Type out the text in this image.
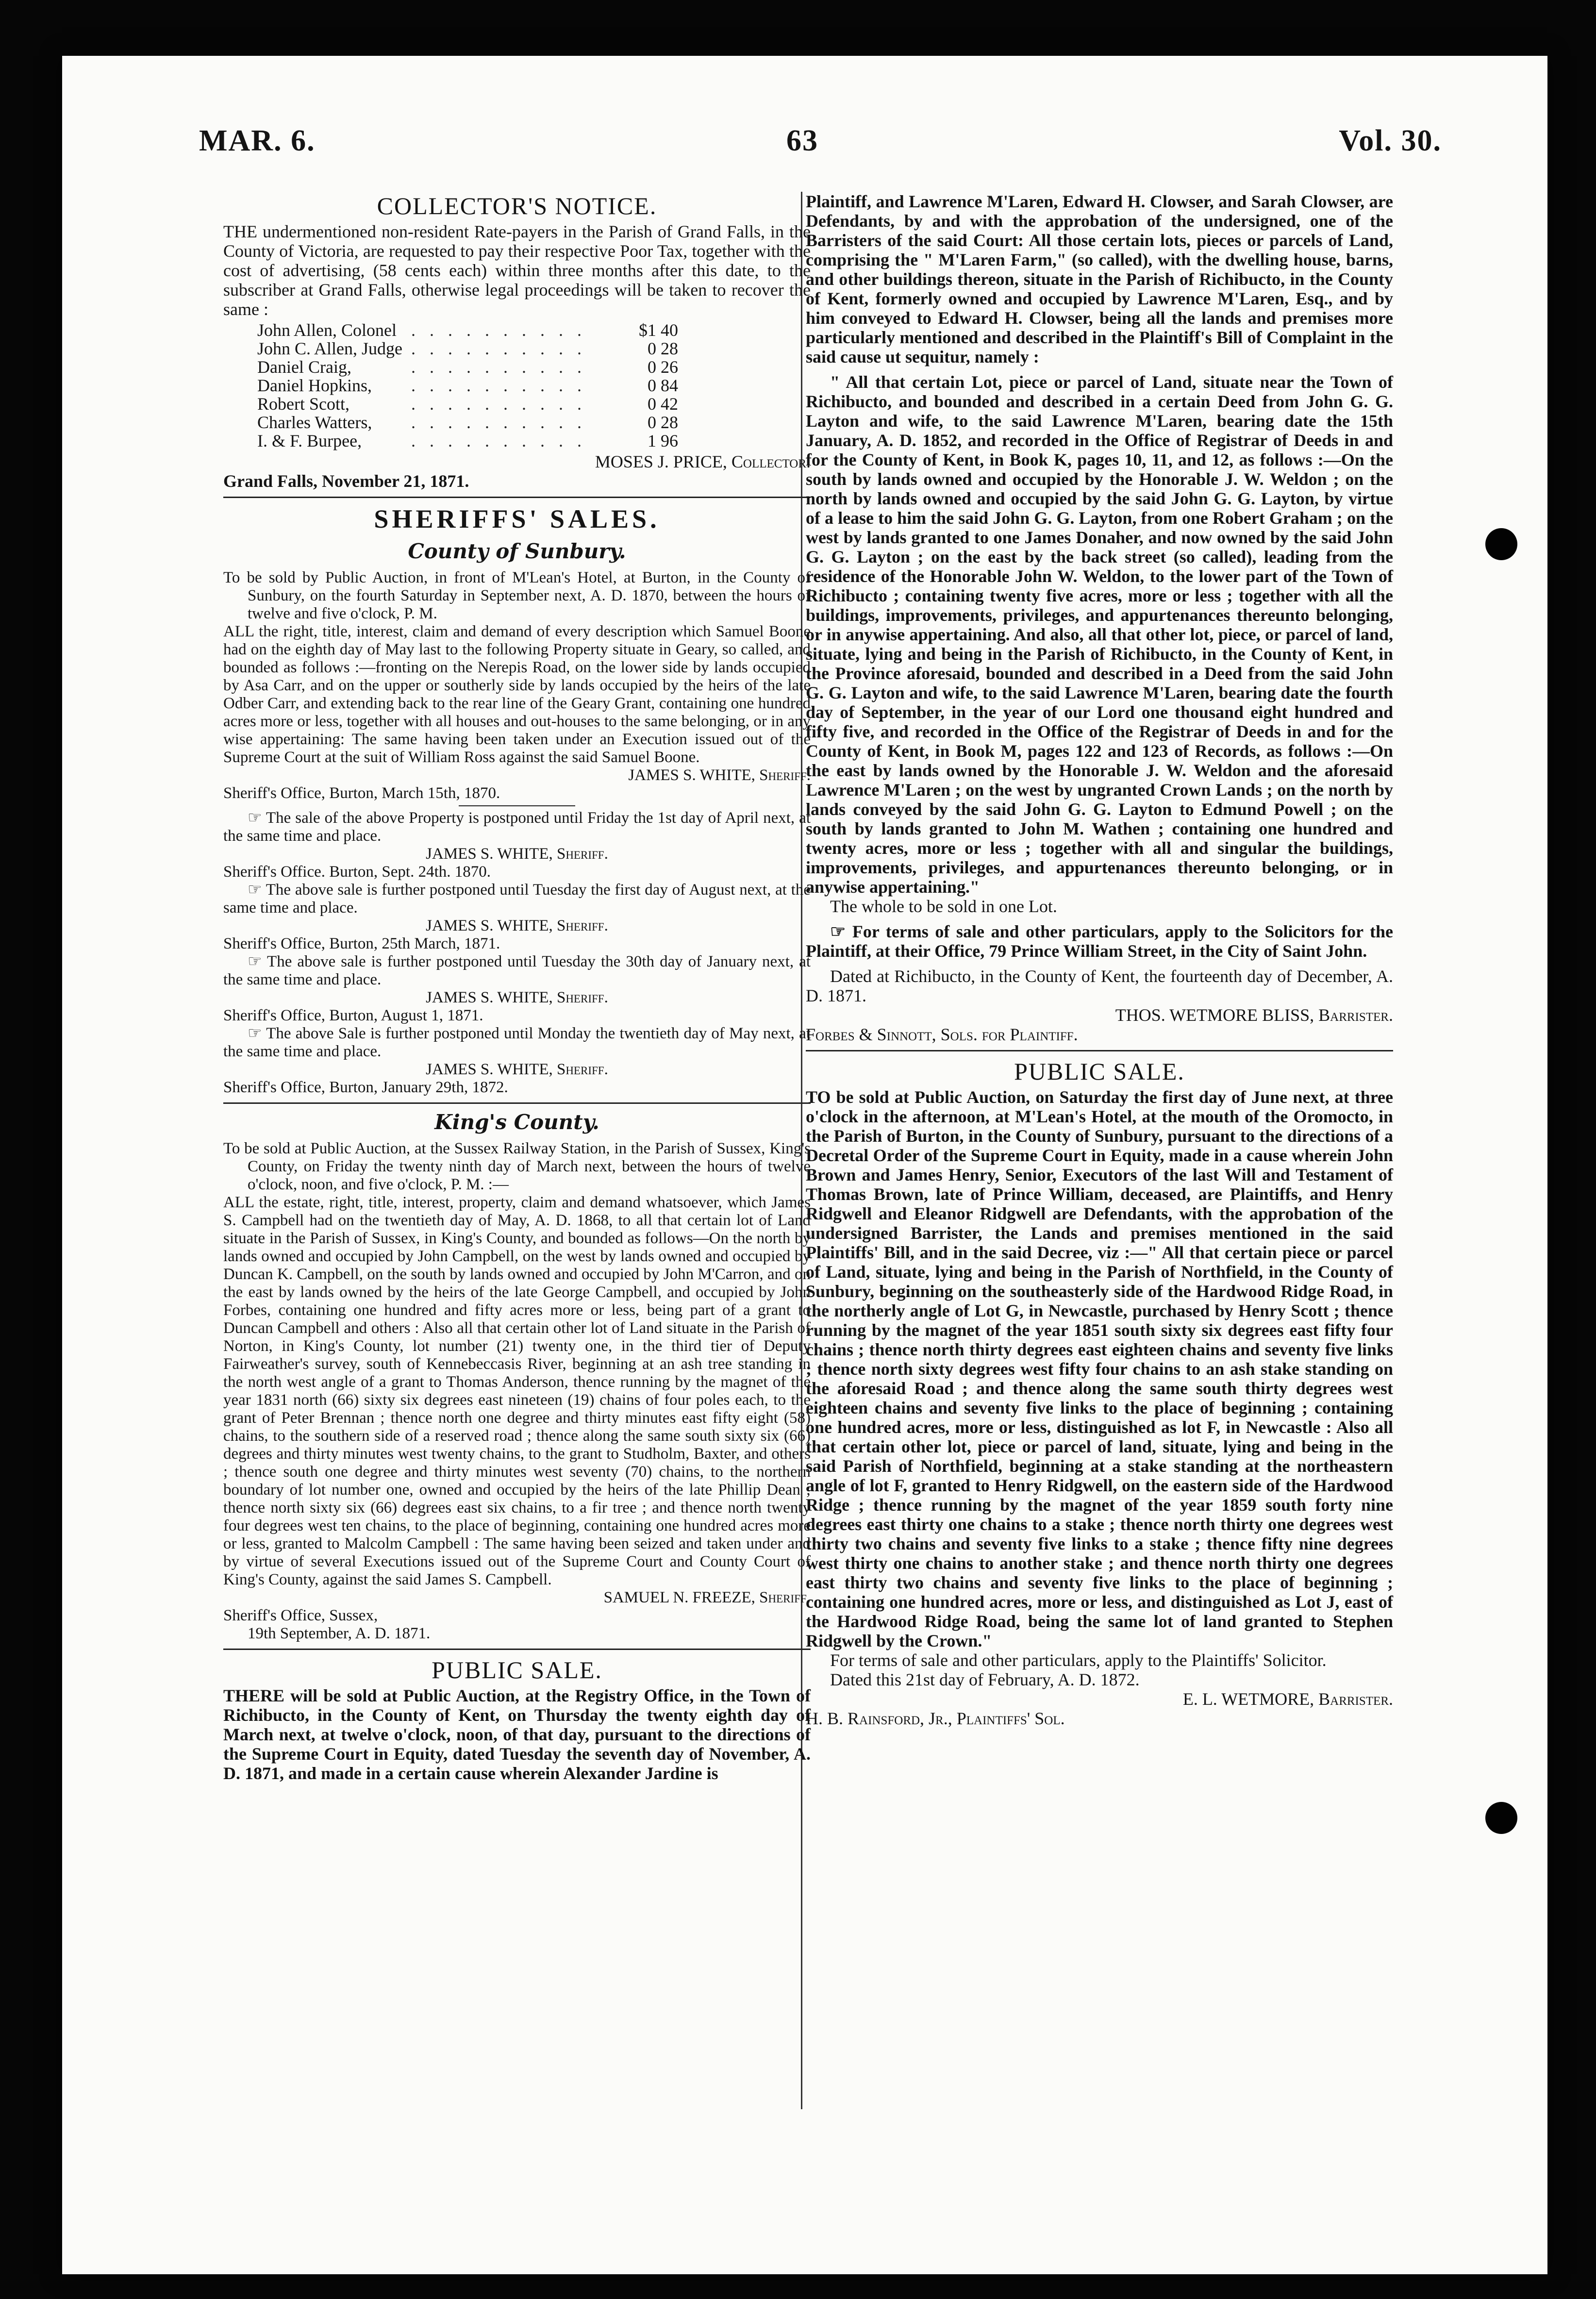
MAR. 6.	63	Vol. 30.
COLLECTOR'S NOTICE.

THE undermentioned non-resident Rate-payers in the Parish of Grand Falls, in the County of Victoria, are requested to pay their respective Poor Tax, together with the cost of advertising, (58 cents each) within three months after this date, to the subscriber at Grand Falls, otherwise legal proceedings will be taken to recover the same :

John Allen, Colonel	. . . . . . . . . .	$1 40
John C. Allen, Judge	. . . . . . . . . .	0 28
Daniel Craig,	. . . . . . . . . .	0 26
Daniel Hopkins,	. . . . . . . . . .	0 84
Robert Scott,	. . . . . . . . . .	0 42
Charles Watters,	. . . . . . . . . .	0 28
I. & F. Burpee,	. . . . . . . . . .	1 96

MOSES J. PRICE, Collector.

Grand Falls, November 21, 1871.

SHERIFFS' SALES.
County of Sunbury.

To be sold by Public Auction, in front of M'Lean's Hotel, at Burton, in the County of Sunbury, on the fourth Saturday in September next, A. D. 1870, between the hours of twelve and five o'clock, P. M.

ALL the right, title, interest, claim and demand of every description which Samuel Boone had on the eighth day of May last to the following Property situate in Geary, so called, and bounded as follows :—fronting on the Nerepis Road, on the lower side by lands occupied by Asa Carr, and on the upper or southerly side by lands occupied by the heirs of the late Odber Carr, and extending back to the rear line of the Geary Grant, containing one hundred acres more or less, together with all houses and out-houses to the same belonging, or in any wise appertaining: The same having been taken under an Execution issued out of the Supreme Court at the suit of William Ross against the said Samuel Boone.

JAMES S. WHITE, Sheriff.

Sheriff's Office, Burton, March 15th, 1870.

☞ The sale of the above Property is postponed until Friday the 1st day of April next, at the same time and place.

JAMES S. WHITE, Sheriff.

Sheriff's Office. Burton, Sept. 24th. 1870.

☞ The above sale is further postponed until Tuesday the first day of August next, at the same time and place.

JAMES S. WHITE, Sheriff.

Sheriff's Office, Burton, 25th March, 1871.

☞ The above sale is further postponed until Tuesday the 30th day of January next, at the same time and place.

JAMES S. WHITE, Sheriff.

Sheriff's Office, Burton, August 1, 1871.

☞ The above Sale is further postponed until Monday the twentieth day of May next, at the same time and place.

JAMES S. WHITE, Sheriff.

Sheriff's Office, Burton, January 29th, 1872.

King's County.

To be sold at Public Auction, at the Sussex Railway Station, in the Parish of Sussex, King's County, on Friday the twenty ninth day of March next, between the hours of twelve o'clock, noon, and five o'clock, P. M. :—

ALL the estate, right, title, interest, property, claim and demand whatsoever, which James S. Campbell had on the twentieth day of May, A. D. 1868, to all that certain lot of Land situate in the Parish of Sussex, in King's County, and bounded as follows—On the north by lands owned and occupied by John Campbell, on the west by lands owned and occupied by Duncan K. Campbell, on the south by lands owned and occupied by John M'Carron, and on the east by lands owned by the heirs of the late George Campbell, and occupied by John Forbes, containing one hundred and fifty acres more or less, being part of a grant to Duncan Campbell and others : Also all that certain other lot of Land situate in the Parish of Norton, in King's County, lot number (21) twenty one, in the third tier of Deputy Fairweather's survey, south of Kennebeccasis River, beginning at an ash tree standing in the north west angle of a grant to Thomas Anderson, thence running by the magnet of the year 1831 north (66) sixty six degrees east nineteen (19) chains of four poles each, to the grant of Peter Brennan ; thence north one degree and thirty minutes east fifty eight (58) chains, to the southern side of a reserved road ; thence along the same south sixty six (66) degrees and thirty minutes west twenty chains, to the grant to Studholm, Baxter, and others ; thence south one degree and thirty minutes west seventy (70) chains, to the northern boundary of lot number one, owned and occupied by the heirs of the late Phillip Dean ; thence north sixty six (66) degrees east six chains, to a fir tree ; and thence north twenty four degrees west ten chains, to the place of beginning, containing one hundred acres more or less, granted to Malcolm Campbell : The same having been seized and taken under and by virtue of several Executions issued out of the Supreme Court and County Court of King's County, against the said James S. Campbell.

SAMUEL N. FREEZE, Sheriff.

Sheriff's Office, Sussex,

19th September, A. D. 1871.

PUBLIC SALE.

THERE will be sold at Public Auction, at the Registry Office, in the Town of Richibucto, in the County of Kent, on Thursday the twenty eighth day of March next, at twelve o'clock, noon, of that day, pursuant to the directions of the Supreme Court in Equity, dated Tuesday the seventh day of November, A. D. 1871, and made in a certain cause wherein Alexander Jardine is

Plaintiff, and Lawrence M'Laren, Edward H. Clowser, and Sarah Clowser, are Defendants, by and with the approbation of the undersigned, one of the Barristers of the said Court: All those certain lots, pieces or parcels of Land, comprising the " M'Laren Farm," (so called), with the dwelling house, barns, and other buildings thereon, situate in the Parish of Richibucto, in the County of Kent, formerly owned and occupied by Lawrence M'Laren, Esq., and by him conveyed to Edward H. Clowser, being all the lands and premises more particularly mentioned and described in the Plaintiff's Bill of Complaint in the said cause ut sequitur, namely :

" All that certain Lot, piece or parcel of Land, situate near the Town of Richibucto, and bounded and described in a certain Deed from John G. G. Layton and wife, to the said Lawrence M'Laren, bearing date the 15th January, A. D. 1852, and recorded in the Office of Registrar of Deeds in and for the County of Kent, in Book K, pages 10, 11, and 12, as follows :—On the south by lands owned and occupied by the Honorable J. W. Weldon ; on the north by lands owned and occupied by the said John G. G. Layton, by virtue of a lease to him the said John G. G. Layton, from one Robert Graham ; on the west by lands granted to one James Donaher, and now owned by the said John G. G. Layton ; on the east by the back street (so called), leading from the residence of the Honorable John W. Weldon, to the lower part of the Town of Richibucto ; containing twenty five acres, more or less ; together with all the buildings, improvements, privileges, and appurtenances thereunto belonging, or in anywise appertaining. And also, all that other lot, piece, or parcel of land, situate, lying and being in the Parish of Richibucto, in the County of Kent, in the Province aforesaid, bounded and described in a Deed from the said John G. G. Layton and wife, to the said Lawrence M'Laren, bearing date the fourth day of September, in the year of our Lord one thousand eight hundred and fifty five, and recorded in the Office of the Registrar of Deeds in and for the County of Kent, in Book M, pages 122 and 123 of Records, as follows :—On the east by lands owned by the Honorable J. W. Weldon and the aforesaid Lawrence M'Laren ; on the west by ungranted Crown Lands ; on the north by lands conveyed by the said John G. G. Layton to Edmund Powell ; on the south by lands granted to John M. Wathen ; containing one hundred and twenty acres, more or less ; together with all and singular the buildings, improvements, privileges, and appurtenances thereunto belonging, or in anywise appertaining."

The whole to be sold in one Lot.

☞ For terms of sale and other particulars, apply to the Solicitors for the Plaintiff, at their Office, 79 Prince William Street, in the City of Saint John.

Dated at Richibucto, in the County of Kent, the fourteenth day of December, A. D. 1871.

THOS. WETMORE BLISS, Barrister.

Forbes & Sinnott, Sols. for Plaintiff.

PUBLIC SALE.

TO be sold at Public Auction, on Saturday the first day of June next, at three o'clock in the afternoon, at M'Lean's Hotel, at the mouth of the Oromocto, in the Parish of Burton, in the County of Sunbury, pursuant to the directions of a Decretal Order of the Supreme Court in Equity, made in a cause wherein John Brown and James Henry, Senior, Executors of the last Will and Testament of Thomas Brown, late of Prince William, deceased, are Plaintiffs, and Henry Ridgwell and Eleanor Ridgwell are Defendants, with the approbation of the undersigned Barrister, the Lands and premises mentioned in the said Plaintiffs' Bill, and in the said Decree, viz :—" All that certain piece or parcel of Land, situate, lying and being in the Parish of Northfield, in the County of Sunbury, beginning on the southeasterly side of the Hardwood Ridge Road, in the northerly angle of Lot G, in Newcastle, purchased by Henry Scott ; thence running by the magnet of the year 1851 south sixty six degrees east fifty four chains ; thence north thirty degrees east eighteen chains and seventy five links ; thence north sixty degrees west fifty four chains to an ash stake standing on the aforesaid Road ; and thence along the same south thirty degrees west eighteen chains and seventy five links to the place of beginning ; containing one hundred acres, more or less, distinguished as lot F, in Newcastle : Also all that certain other lot, piece or parcel of land, situate, lying and being in the said Parish of Northfield, beginning at a stake standing at the northeastern angle of lot F, granted to Henry Ridgwell, on the eastern side of the Hardwood Ridge ; thence running by the magnet of the year 1859 south forty nine degrees east thirty one chains to a stake ; thence north thirty one degrees west thirty two chains and seventy five links to a stake ; thence fifty nine degrees west thirty one chains to another stake ; and thence north thirty one degrees east thirty two chains and seventy five links to the place of beginning ; containing one hundred acres, more or less, and distinguished as Lot J, east of the Hardwood Ridge Road, being the same lot of land granted to Stephen Ridgwell by the Crown."

For terms of sale and other particulars, apply to the Plaintiffs' Solicitor.

Dated this 21st day of February, A. D. 1872.

E. L. WETMORE, Barrister.

H. B. Rainsford, Jr., Plaintiffs' Sol.
